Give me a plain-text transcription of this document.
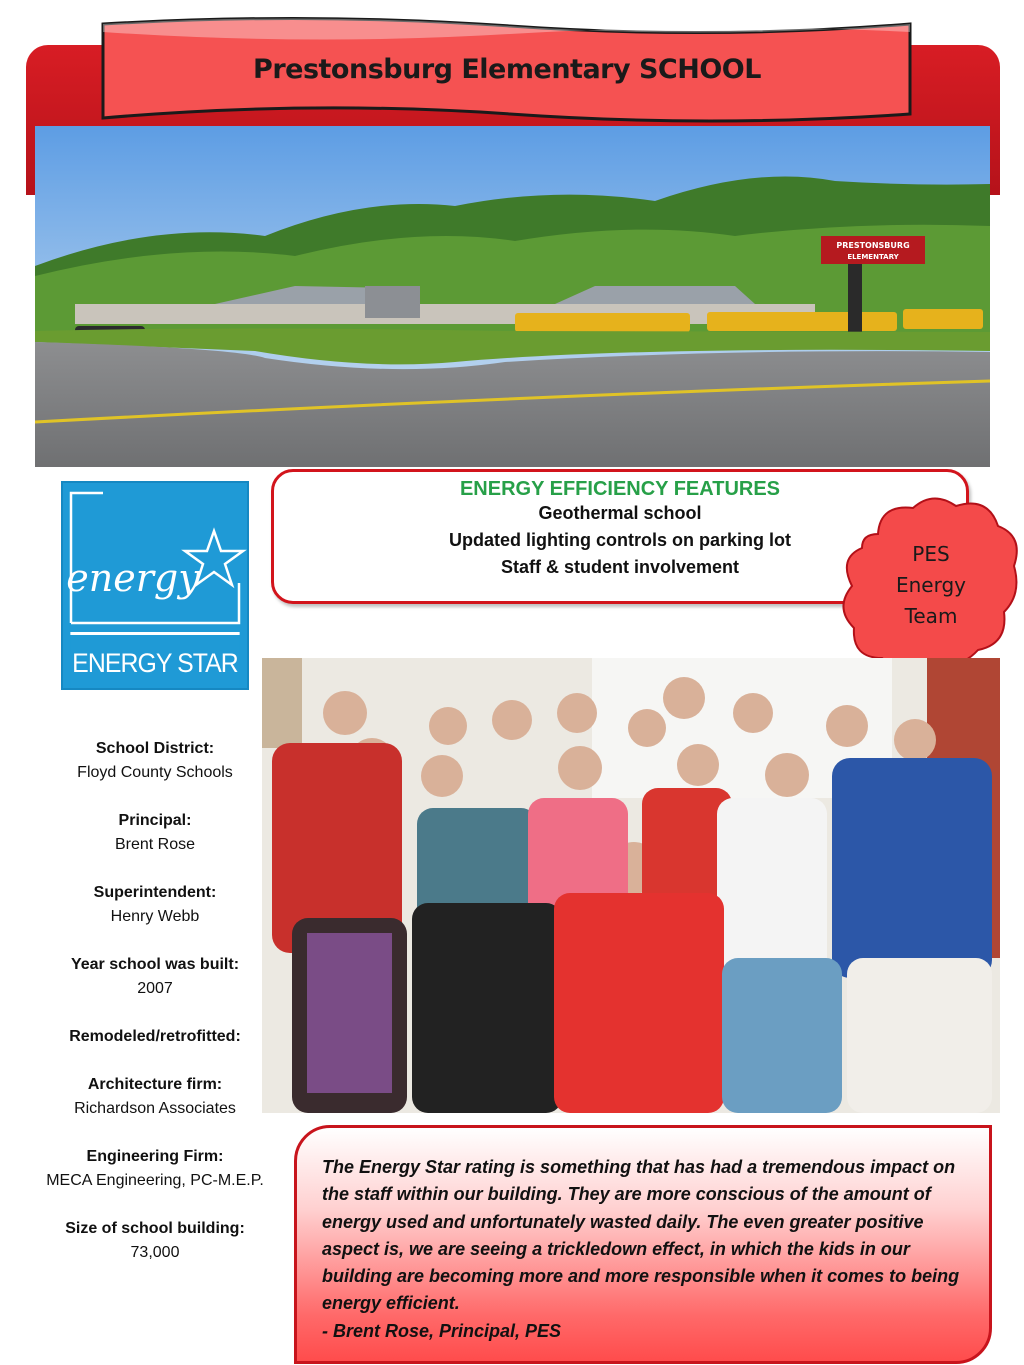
Prestonsburg Elementary SCHOOL
PRESTONSBURG
ELEMENTARY
energy
ENERGY STAR
ENERGY EFFICIENCY FEATURES
Geothermal school
Updated lighting controls on parking lot
Staff & student involvement
PES
Energy
Team
School District:
Floyd County Schools
Principal:
Brent Rose
Superintendent:
Henry Webb
Year school was built:
2007
Remodeled/retrofitted:
Architecture firm:
Richardson Associates
Engineering Firm:
MECA Engineering, PC-M.E.P.
Size of school building:
73,000
The Energy Star rating is something that has had a tremendous impact on the staff within our building. They are more conscious of the amount of energy used and unfortunately wasted daily. The even greater positive aspect is, we are seeing a trickledown effect, in which the kids in our building are becoming more and more responsible when it comes to being energy efficient.
- Brent Rose, Principal, PES
